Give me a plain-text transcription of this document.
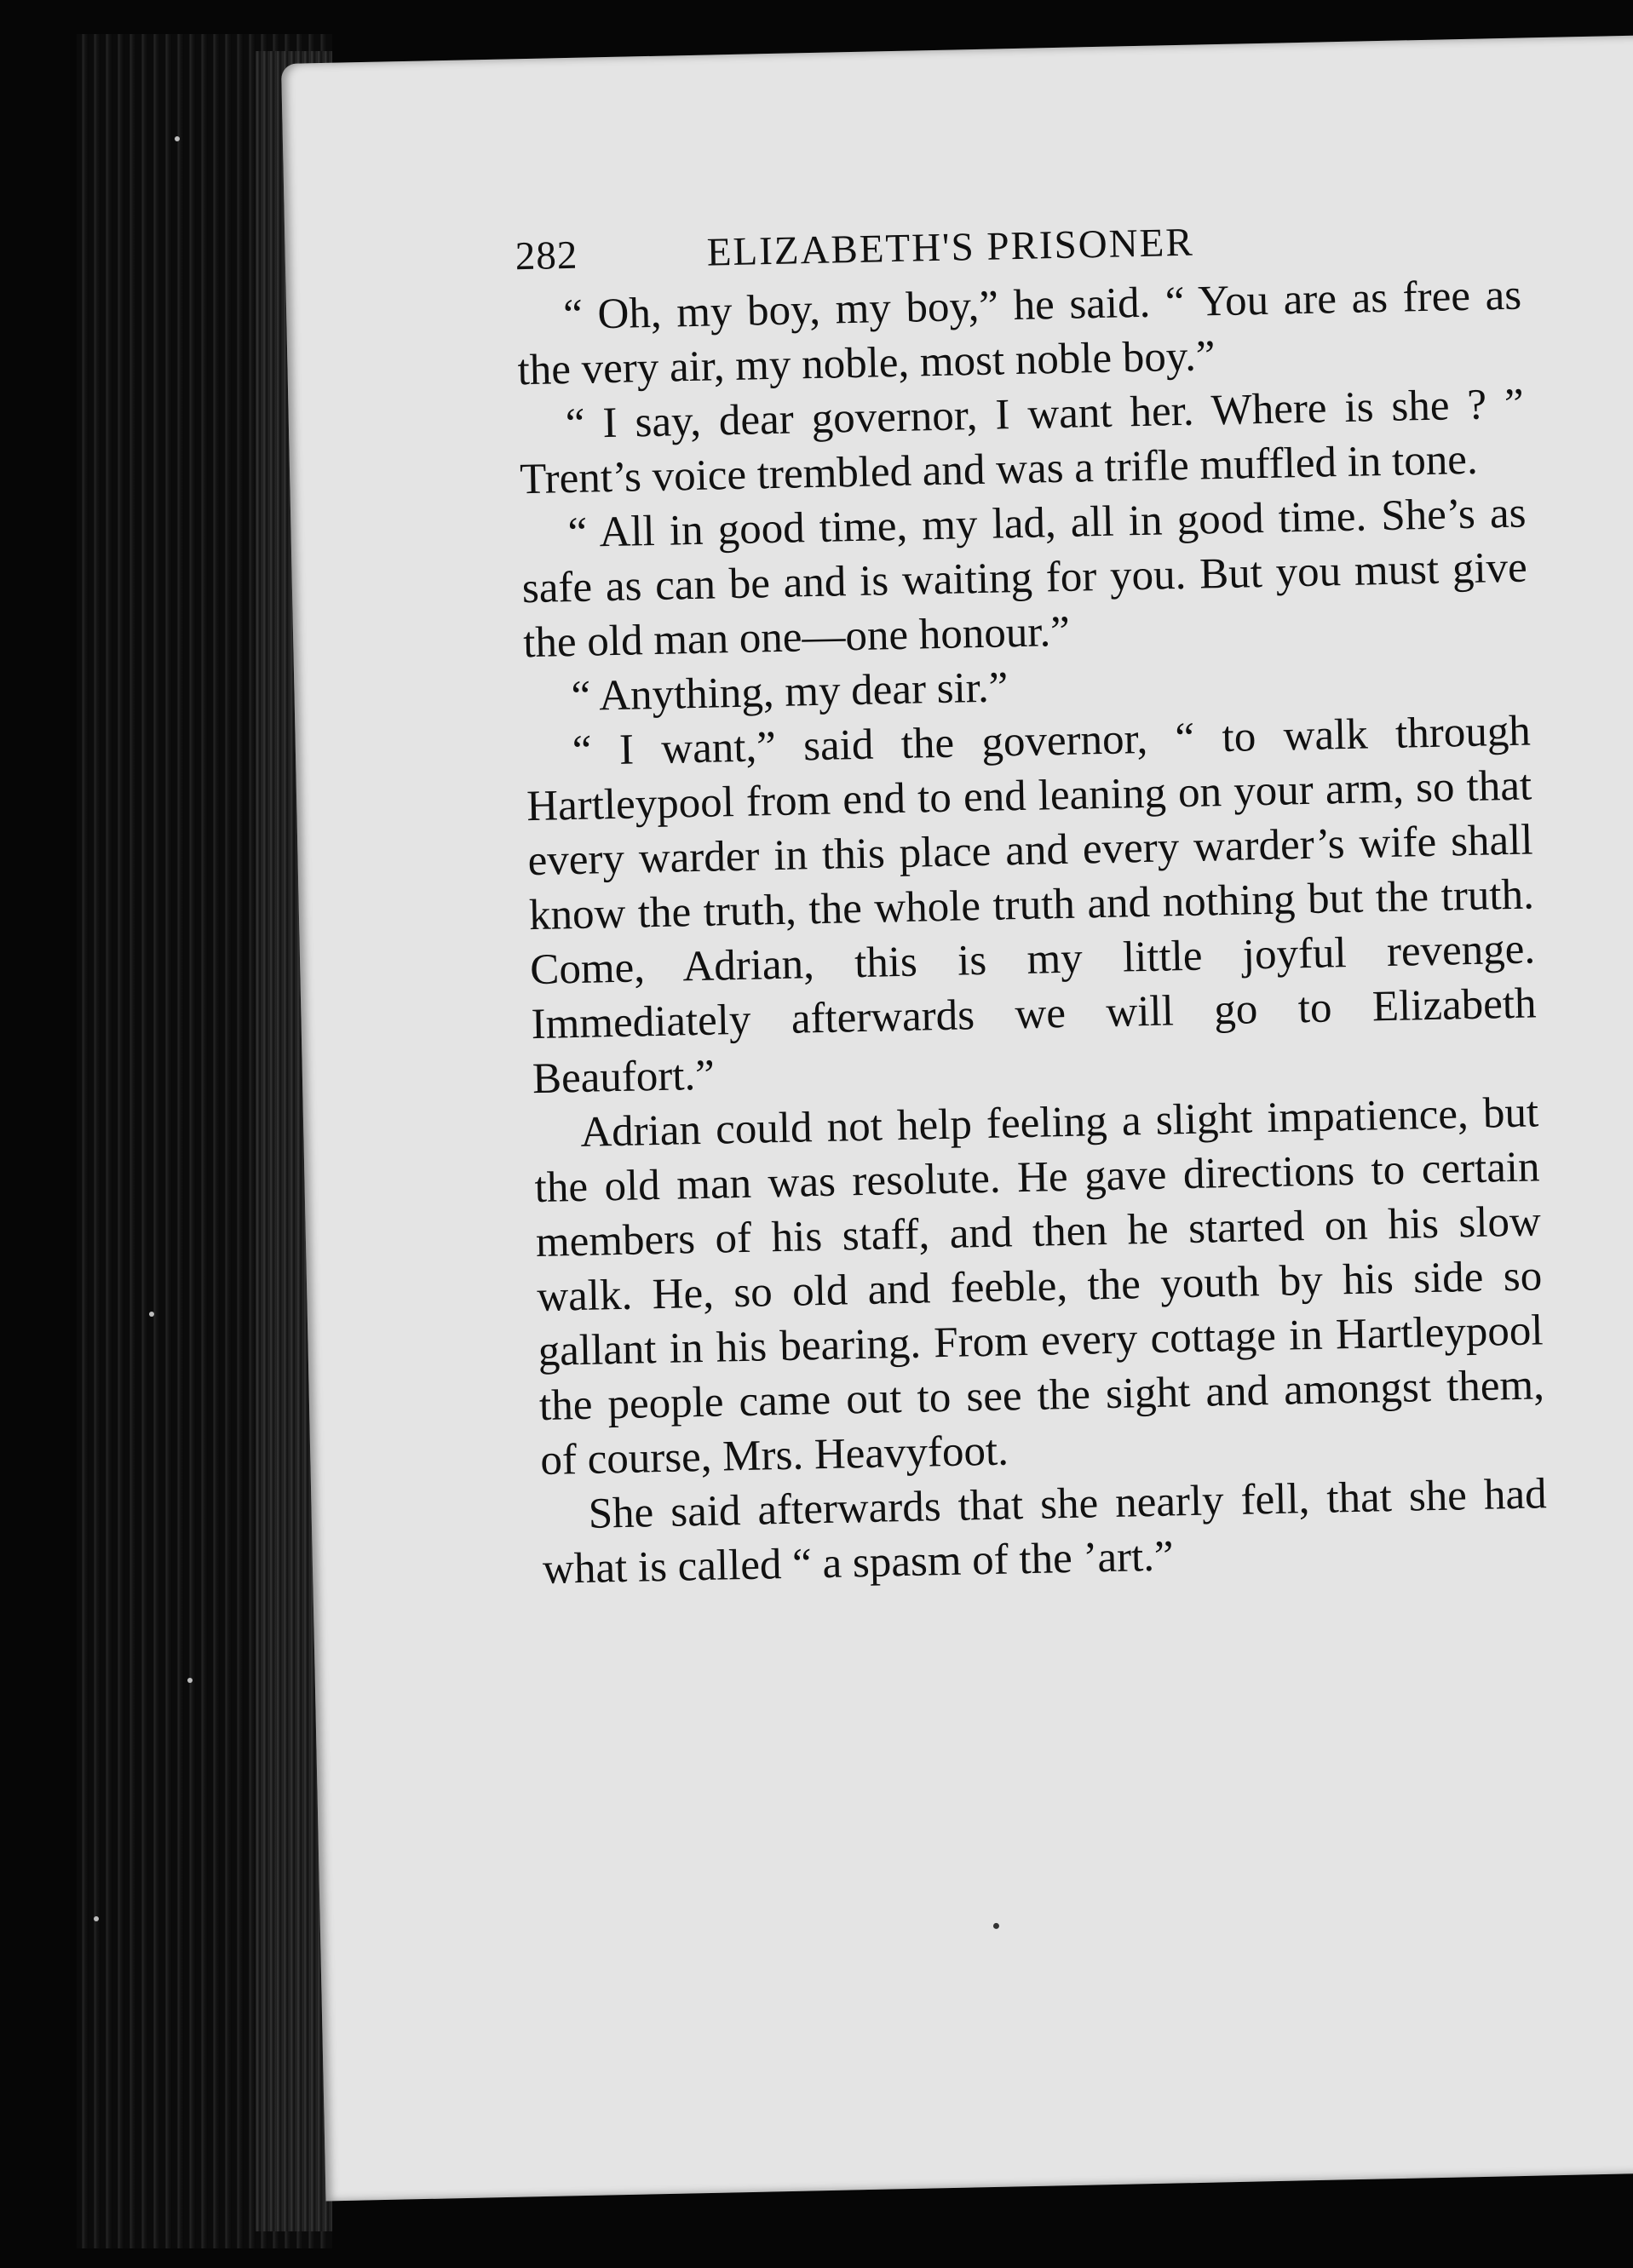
282	ELIZABETH'S PRISONER

“ Oh, my boy, my boy,” he said. “ You are as free as the very air, my noble, most noble boy.”

“ I say, dear governor, I want her. Where is she ? ” Trent’s voice trembled and was a trifle muffled in tone.

“ All in good time, my lad, all in good time. She’s as safe as can be and is waiting for you. But you must give the old man one—one honour.”

“ Anything, my dear sir.”

“ I want,” said the governor, “ to walk through Hartleypool from end to end leaning on your arm, so that every warder in this place and every warder’s wife shall know the truth, the whole truth and nothing but the truth. Come, Adrian, this is my little joyful revenge. Immediately afterwards we will go to Elizabeth Beaufort.”

Adrian could not help feeling a slight impatience, but the old man was resolute. He gave directions to certain members of his staff, and then he started on his slow walk. He, so old and feeble, the youth by his side so gallant in his bearing. From every cottage in Hartleypool the people came out to see the sight and amongst them, of course, Mrs. Heavyfoot.

She said afterwards that she nearly fell, that she had what is called “ a spasm of the ’art.”
